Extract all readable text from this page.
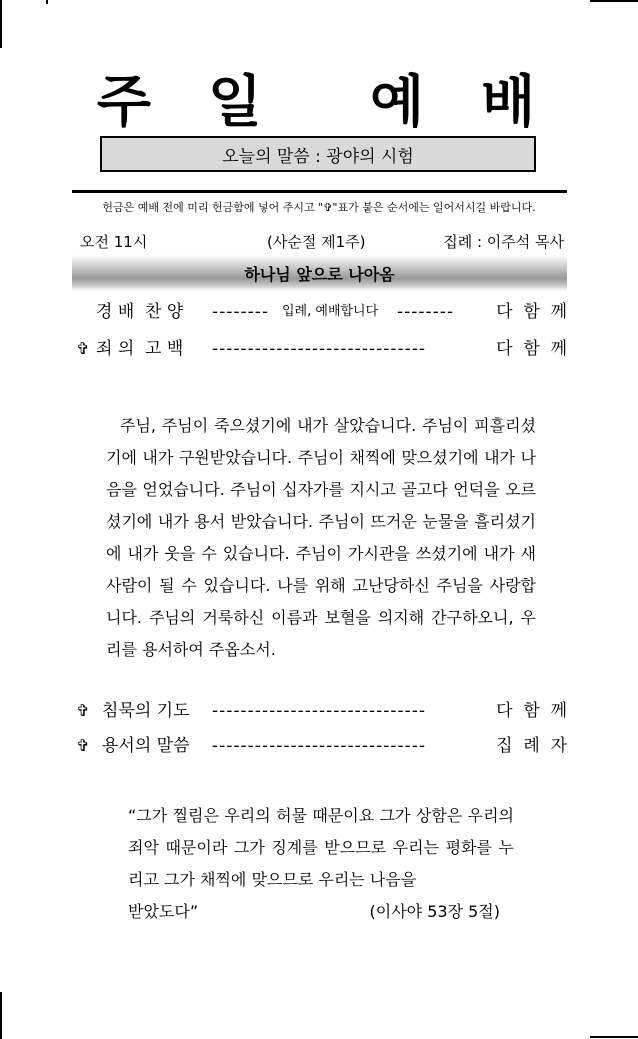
주  일    예  배
오늘의 말씀 : 광야의 시험
헌금은 예배 전에 미리 헌금함에 넣어 주시고 "✞"표가 붙은 순서에는 일어서시길 바랍니다.
오전 11시	(사순절 제1주)	집례 : 이주석 목사
하나님 앞으로 나아옴
경 배  찬 양 -------- 입례, 예배합니다 --------	다  함  께
✞ 죄 의  고 백 ------------------------------	다  함  께

주님, 주님이 죽으셨기에 내가 살았습니다. 주님이 피흘리셨기에 내가 구원받았습니다. 주님이 채찍에 맞으셨기에 내가 나음을 얻었습니다. 주님이 십자가를 지시고 골고다 언덕을 오르셨기에 내가 용서 받았습니다. 주님이 뜨거운 눈물을 흘리셨기에 내가 웃을 수 있습니다. 주님이 가시관을 쓰셨기에 내가 새사람이 될 수 있습니다. 나를 위해 고난당하신 주님을 사랑합니다. 주님의 거룩하신 이름과 보혈을 의지해 간구하오니, 우리를 용서하여 주옵소서.

✞ 침묵의 기도 ------------------------------	다  함  께
✞ 용서의 말씀 ------------------------------	집  례  자
“그가 찔림은 우리의 허물 때문이요 그가 상함은 우리의 죄악 때문이라 그가 징계를 받으므로 우리는 평화를 누리고 그가 채찍에 맞으므로 우리는 나음을
받았도다”	(이사야 53장 5절)
